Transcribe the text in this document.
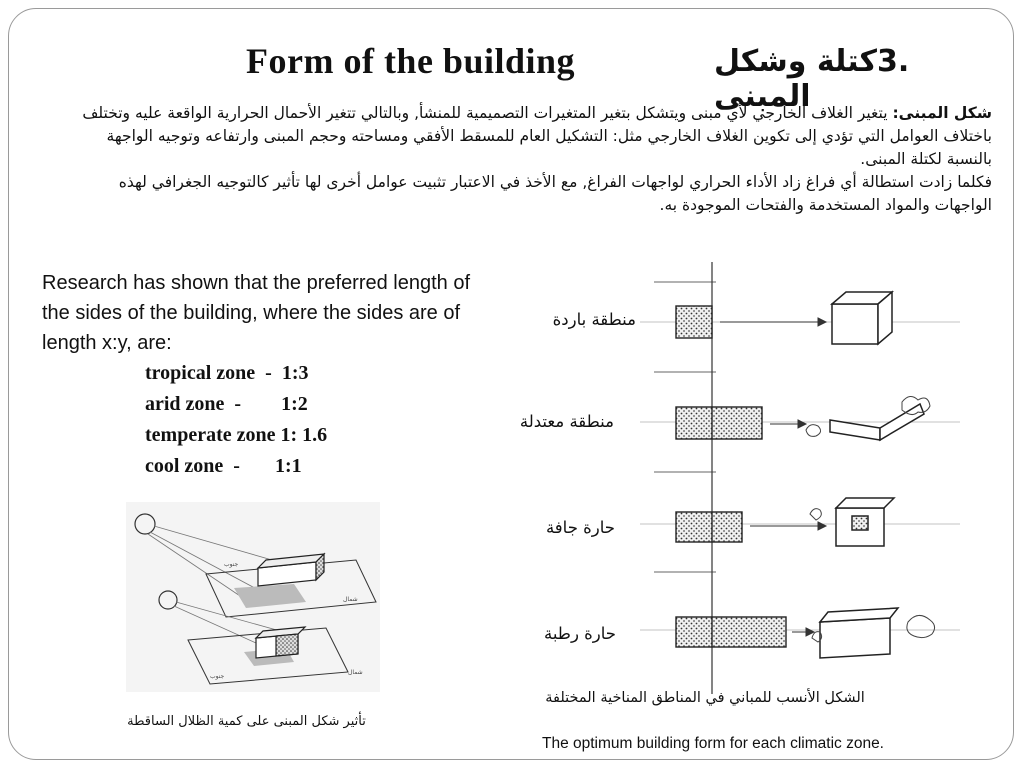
Form of the building	.3كتلة وشكل المبنى	شكل المبنى: يتغير الغلاف الخارجي لأي مبنى ويتشكل بتغير المتغيرات التصميمية للمنشأ, وبالتالي تتغير الأحمال الحرارية الواقعة عليه وتختلف باختلاف العوامل التي تؤدي إلى تكوين الغلاف الخارجي مثل: التشكيل العام للمسقط الأفقي ومساحته وحجم المبنى وارتفاعه وتوجيه الواجهة بالنسبة لكتلة المبنى.

فكلما زادت استطالة أي فراغ زاد الأداء الحراري لواجهات الفراغ, مع الأخذ في الاعتبار تثبيت عوامل أخرى لها تأثير كالتوجيه الجغرافي لهذه الواجهات والمواد المستخدمة والفتحات الموجودة به.

Research has shown that the preferred length of the sides of the building, where the sides are of length x:y, are:
tropical zone  -  1:3
arid zone  -        1:2
temperate zone 1: 1.6
cool zone  -       1:1
شمال
جنوب
جنوب
شمال
تأثير شكل المبنى على كمية الظلال الساقطة
منطقة باردة
منطقة معتدلة
حارة جافة
حارة رطبة
الشكل الأنسب للمباني في المناطق المناخية المختلفة
The optimum building form for each climatic zone.
